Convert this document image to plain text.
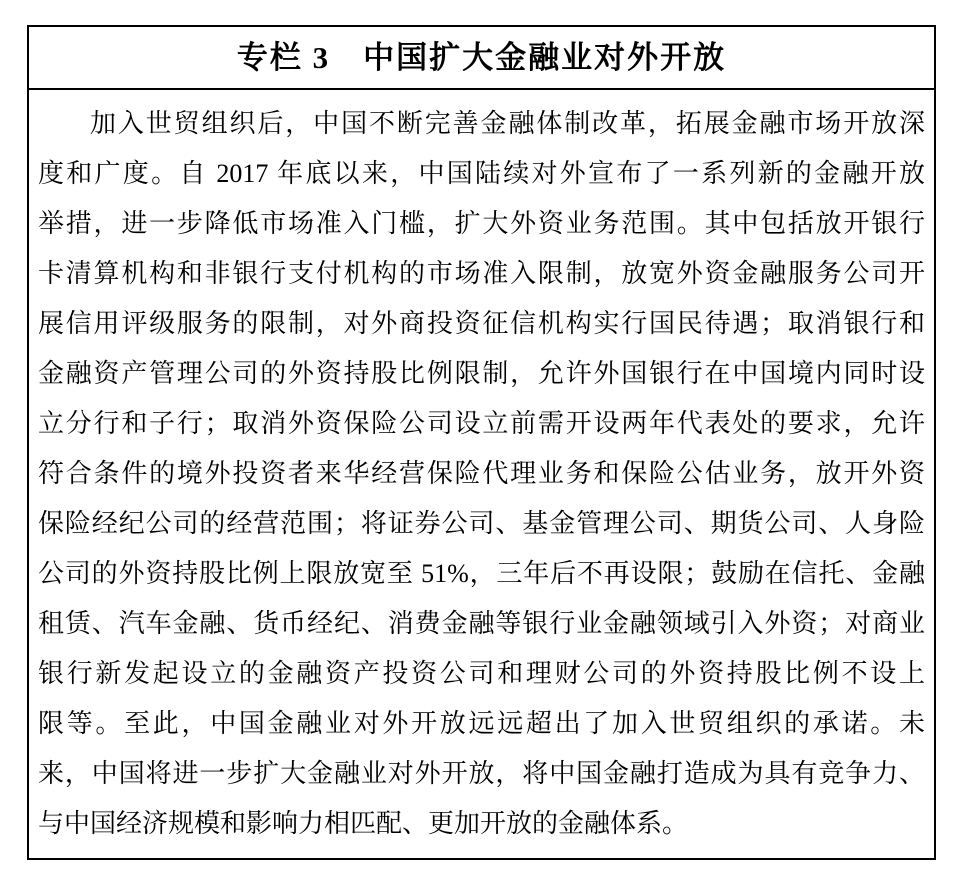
专栏 3　中国扩大金融业对外开放
加入世贸组织后，中国不断完善金融体制改革，拓展金融市场开放深
度和广度。自 2017 年底以来，中国陆续对外宣布了一系列新的金融开放
举措，进一步降低市场准入门槛，扩大外资业务范围。其中包括放开银行
卡清算机构和非银行支付机构的市场准入限制，放宽外资金融服务公司开
展信用评级服务的限制，对外商投资征信机构实行国民待遇；取消银行和
金融资产管理公司的外资持股比例限制，允许外国银行在中国境内同时设
立分行和子行；取消外资保险公司设立前需开设两年代表处的要求，允许
符合条件的境外投资者来华经营保险代理业务和保险公估业务，放开外资
保险经纪公司的经营范围；将证券公司、基金管理公司、期货公司、人身险
公司的外资持股比例上限放宽至 51%，三年后不再设限；鼓励在信托、金融
租赁、汽车金融、货币经纪、消费金融等银行业金融领域引入外资；对商业
银行新发起设立的金融资产投资公司和理财公司的外资持股比例不设上
限等。至此，中国金融业对外开放远远超出了加入世贸组织的承诺。未
来，中国将进一步扩大金融业对外开放，将中国金融打造成为具有竞争力、
与中国经济规模和影响力相匹配、更加开放的金融体系。
